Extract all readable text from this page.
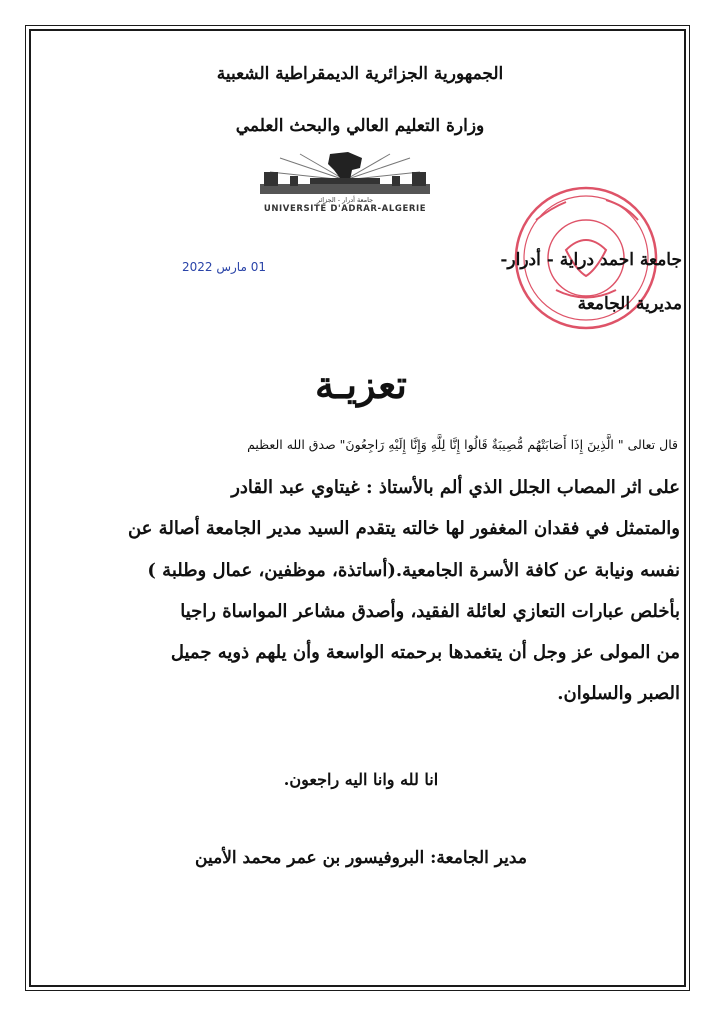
الجمهورية الجزائرية الديمقراطية الشعبية
وزارة التعليم العالي والبحث العلمي
جامعة أدرار - الجزائر
UNIVERSITÉ D'ADRAR-ALGERIE
01 مارس 2022	جامعة احمد دراية - أدرار-
مديرية الجامعة
تعزيـة
قال تعالى " الَّذِينَ إِذَا أَصَابَتْهُم مُّصِيبَةٌ قَالُوا إِنَّا لِلَّهِ وَإِنَّا إِلَيْهِ رَاجِعُونَ" صدق الله العظيم
على اثر المصاب الجلل الذي ألم بالأستاذ : غيتاوي عبد القادر
والمتمثل في فقدان المغفور لها خالته يتقدم السيد مدير الجامعة أصالة عن
نفسه ونيابة عن كافة الأسرة الجامعية.(أساتذة، موظفين، عمال وطلبة )
بأخلص عبارات التعازي لعائلة الفقيد، وأصدق مشاعر المواساة راجيا
من المولى عز وجل أن يتغمدها برحمته الواسعة وأن يلهم ذويه جميل
الصبر والسلوان.
انا لله وانا اليه راجعون.
مدير الجامعة: البروفيسور بن عمر محمد الأمين
